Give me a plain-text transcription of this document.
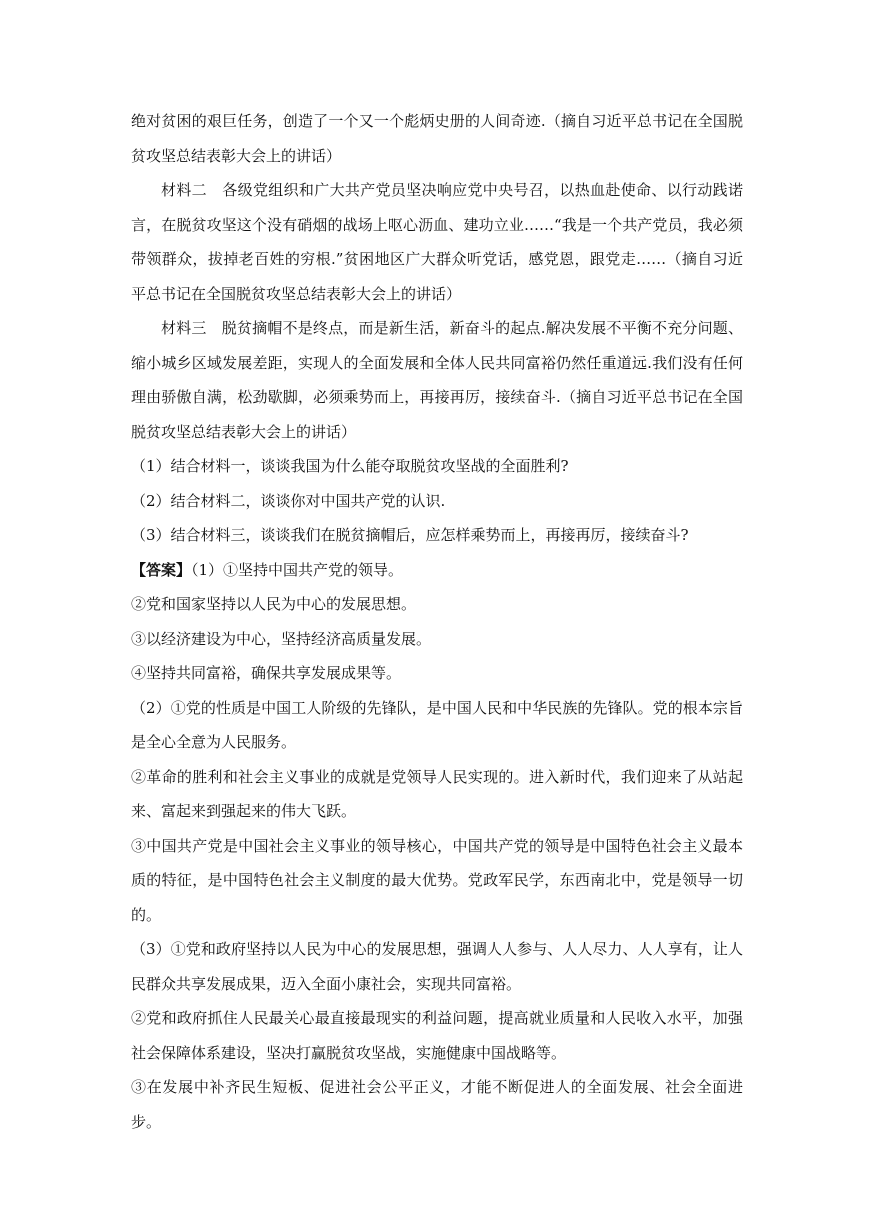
绝对贫困的艰巨任务，创造了一个又一个彪炳史册的人间奇迹.（摘自习近平总书记在全国脱贫攻坚总结表彰大会上的讲话）

材料二　各级党组织和广大共产党员坚决响应党中央号召，以热血赴使命、以行动践诺言，在脱贫攻坚这个没有硝烟的战场上呕心沥血、建功立业……“我是一个共产党员，我必须带领群众，拔掉老百姓的穷根.”贫困地区广大群众听党话，感党恩，跟党走……（摘自习近平总书记在全国脱贫攻坚总结表彰大会上的讲话）

材料三　脱贫摘帽不是终点，而是新生活，新奋斗的起点.解决发展不平衡不充分问题、缩小城乡区域发展差距，实现人的全面发展和全体人民共同富裕仍然任重道远.我们没有任何理由骄傲自满，松劲歇脚，必须乘势而上，再接再厉，接续奋斗.（摘自习近平总书记在全国脱贫攻坚总结表彰大会上的讲话）

（1）结合材料一，谈谈我国为什么能夺取脱贫攻坚战的全面胜利?

（2）结合材料二，谈谈你对中国共产党的认识.

（3）结合材料三，谈谈我们在脱贫摘帽后，应怎样乘势而上，再接再厉，接续奋斗?

【答案】（1）①坚持中国共产党的领导。

②党和国家坚持以人民为中心的发展思想。

③以经济建设为中心，坚持经济高质量发展。

④坚持共同富裕，确保共享发展成果等。

（2）①党的性质是中国工人阶级的先锋队，是中国人民和中华民族的先锋队。党的根本宗旨是全心全意为人民服务。

②革命的胜利和社会主义事业的成就是党领导人民实现的。进入新时代，我们迎来了从站起来、富起来到强起来的伟大飞跃。

③中国共产党是中国社会主义事业的领导核心，中国共产党的领导是中国特色社会主义最本质的特征，是中国特色社会主义制度的最大优势。党政军民学，东西南北中，党是领导一切的。

（3）①党和政府坚持以人民为中心的发展思想，强调人人参与、人人尽力、人人享有，让人民群众共享发展成果，迈入全面小康社会，实现共同富裕。

②党和政府抓住人民最关心最直接最现实的利益问题，提高就业质量和人民收入水平，加强社会保障体系建设，坚决打赢脱贫攻坚战，实施健康中国战略等。

③在发展中补齐民生短板、促进社会公平正义，才能不断促进人的全面发展、社会全面进步。
